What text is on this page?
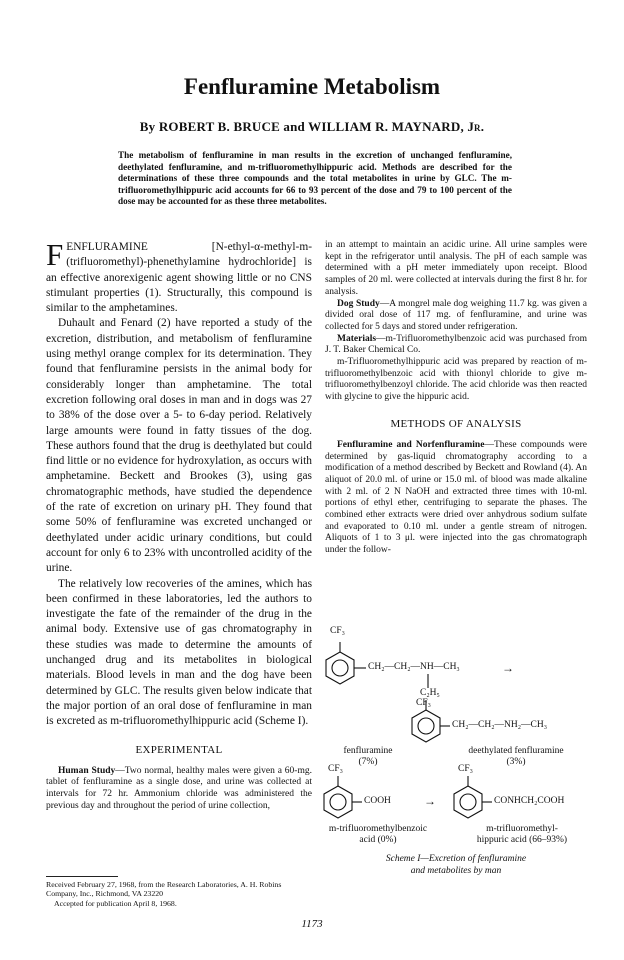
Fenfluramine Metabolism
By ROBERT B. BRUCE and WILLIAM R. MAYNARD, Jr.
The metabolism of fenfluramine in man results in the excretion of unchanged fenfluramine, deethylated fenfluramine, and m-trifluoromethylhippuric acid. Methods are described for the determinations of these three compounds and the total metabolites in urine by GLC. The m-trifluoromethylhippuric acid accounts for 66 to 93 percent of the dose and 79 to 100 percent of the dose may be accounted for as these three metabolites.

FENFLURAMINE [N-ethyl-α-methyl-m-(trifluoromethyl)-phenethylamine hydrochloride] is an effective anorexigenic agent showing little or no CNS stimulant properties (1). Structurally, this compound is similar to the amphetamines.

Duhault and Fenard (2) have reported a study of the excretion, distribution, and metabolism of fenfluramine using methyl orange complex for its determination. They found that fenfluramine persists in the animal body for considerably longer than amphetamine. The total excretion following oral doses in man and in dogs was 27 to 38% of the dose over a 5- to 6-day period. Relatively large amounts were found in fatty tissues of the dog. These authors found that the drug is deethylated but could find little or no evidence for hydroxylation, as occurs with amphetamine. Beckett and Brookes (3), using gas chromatographic methods, have studied the dependence of the rate of excretion on urinary pH. They found that some 50% of fenfluramine was excreted unchanged or deethylated under acidic urinary conditions, but could account for only 6 to 23% with uncontrolled acidity of the urine.

The relatively low recoveries of the amines, which has been confirmed in these laboratories, led the authors to investigate the fate of the remainder of the drug in the animal body. Extensive use of gas chromatography in these studies was made to determine the amounts of unchanged drug and its metabolites in biological materials. Blood levels in man and the dog have been determined by GLC. The results given below indicate that the major portion of an oral dose of fenfluramine in man is excreted as m-trifluoromethylhippuric acid (Scheme I).

EXPERIMENTAL

Human Study—Two normal, healthy males were given a 60-mg. tablet of fenfluramine as a single dose, and urine was collected at intervals for 72 hr. Ammonium chloride was administered the previous day and throughout the period of urine collection,

in an attempt to maintain an acidic urine. All urine samples were kept in the refrigerator until analysis. The pH of each sample was determined with a pH meter immediately upon receipt. Blood samples of 20 ml. were collected at intervals during the first 8 hr. for analysis.

Dog Study—A mongrel male dog weighing 11.7 kg. was given a divided oral dose of 117 mg. of fenfluramine, and urine was collected for 5 days and stored under refrigeration.

Materials—m-Trifluoromethylbenzoic acid was purchased from J. T. Baker Chemical Co.

m-Trifluoromethylhippuric acid was prepared by reaction of m-trifluoromethylbenzoic acid with thionyl chloride to give m-trifluoromethylbenzoyl chloride. The acid chloride was then reacted with glycine to give the hippuric acid.

METHODS OF ANALYSIS

Fenfluramine and Norfenfluramine—These compounds were determined by gas-liquid chromatography according to a modification of a method described by Beckett and Rowland (4). An aliquot of 20.0 ml. of urine or 15.0 ml. of blood was made alkaline with 2 ml. of 2 N NaOH and extracted three times with 10-ml. portions of ethyl ether, centrifuging to separate the phases. The combined ether extracts were dried over anhydrous sodium sulfate and evaporated to 0.10 ml. under a gentle stream of nitrogen. Aliquots of 1 to 3 μl. were injected into the gas chromatograph under the follow-

CF₃
CH₂—CH₂—NH—CH₃	→
C₂H₅
CF₃
CH₂—CH₂—NH₂—CH₃
fenfluramine
(7%)
deethylated fenfluramine
(3%)
CF₃
COOH	→
CF₃
CONHCH₂COOH
m-trifluoromethylbenzoic
acid (0%)
m-trifluoromethyl-
hippuric acid (66–93%)
Scheme I—Excretion of fenfluramine
and metabolites by man
Received February 27, 1968, from the Research Laboratories, A. H. Robins Company, Inc., Richmond, VA 23220
Accepted for publication April 8, 1968.
1173
